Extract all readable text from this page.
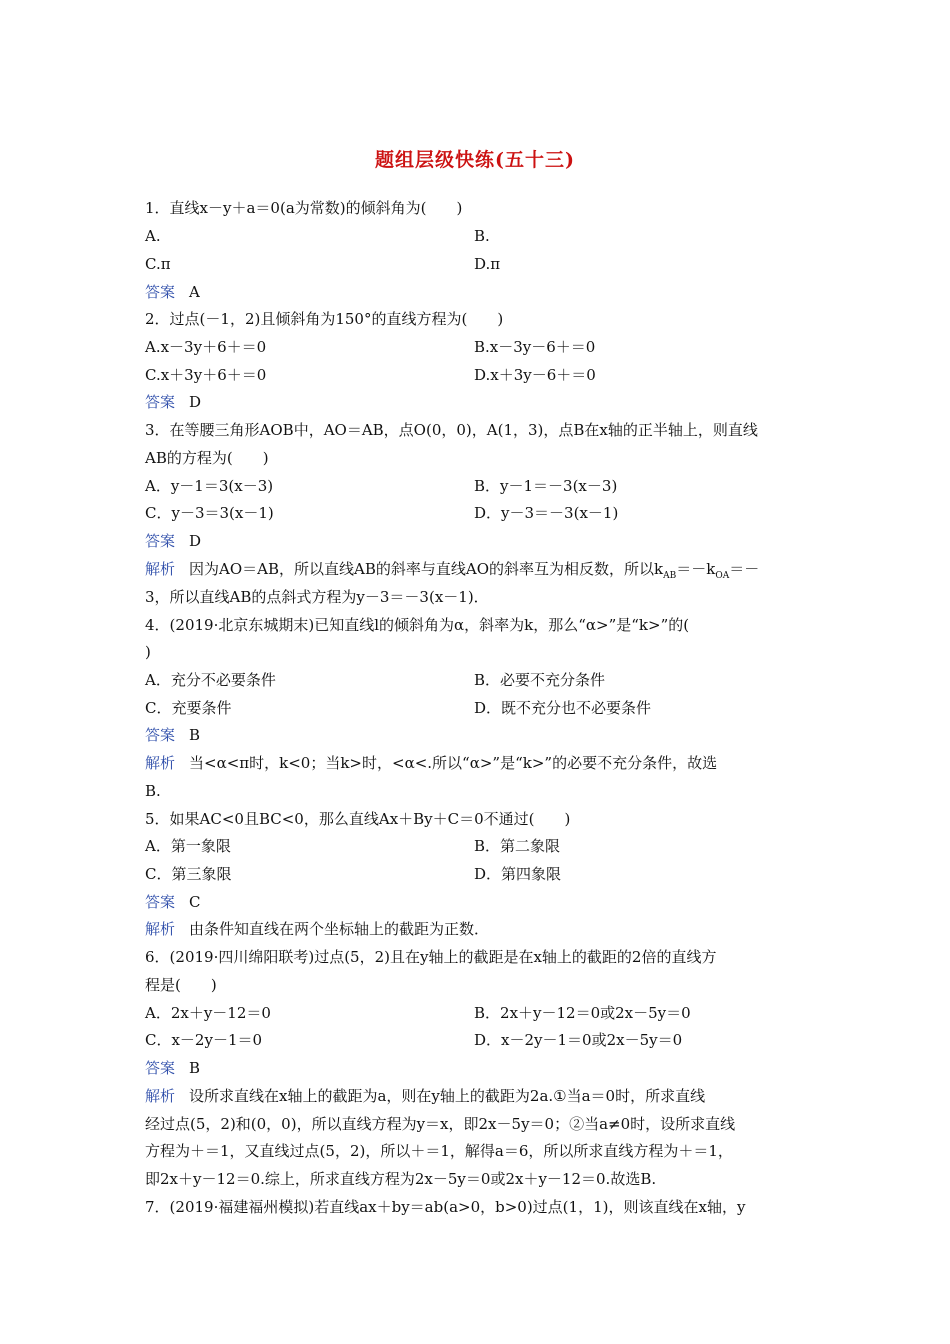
题组层级快练(五十三)
1．直线x－y＋a＝0(a为常数)的倾斜角为(　　)
A.	B.
C.π	D.π
答案 A
2．过点(－1，2)且倾斜角为150°的直线方程为(　　)
A.x－3y＋6＋＝0	B.x－3y－6＋＝0
C.x＋3y＋6＋＝0	D.x＋3y－6＋＝0
答案 D
3．在等腰三角形AOB中，AO＝AB，点O(0，0)，A(1，3)，点B在x轴的正半轴上，则直线
AB的方程为(　　)
A．y－1＝3(x－3)	B．y－1＝－3(x－3)
C．y－3＝3(x－1)	D．y－3＝－3(x－1)
答案 D
解析 因为AO＝AB，所以直线AB的斜率与直线AO的斜率互为相反数，所以$k_{AB}=-k_{OA}=-$
3，所以直线AB的点斜式方程为y－3＝－3(x－1)．
4．(2019·北京东城期末)已知直线l的倾斜角为α，斜率为k，那么“α>”是“k>”的(
)
A．充分不必要条件	B．必要不充分条件
C．充要条件	D．既不充分也不必要条件
答案 B
解析 当<α<π时，k<0；当k>时，<α<.所以“α>”是“k>”的必要不充分条件，故选
B.
5．如果AC<0且BC<0，那么直线Ax＋By＋C＝0不通过(　　)
A．第一象限	B．第二象限
C．第三象限	D．第四象限
答案 C
解析 由条件知直线在两个坐标轴上的截距为正数．
6．(2019·四川绵阳联考)过点(5，2)且在y轴上的截距是在x轴上的截距的2倍的直线方
程是(　　)
A．2x＋y－12＝0	B．2x＋y－12＝0或2x－5y＝0
C．x－2y－1＝0	D．x－2y－1＝0或2x－5y＝0
答案 B
解析 设所求直线在x轴上的截距为a，则在y轴上的截距为2a.①当a＝0时，所求直线
经过点(5，2)和(0，0)，所以直线方程为y＝x，即2x－5y＝0；②当a≠0时，设所求直线
方程为＋＝1，又直线过点(5，2)，所以＋＝1，解得a＝6，所以所求直线方程为＋＝1，
即2x＋y－12＝0.综上，所求直线方程为2x－5y＝0或2x＋y－12＝0.故选B.
7．(2019·福建福州模拟)若直线ax＋by＝ab(a>0，b>0)过点(1，1)，则该直线在x轴，y
